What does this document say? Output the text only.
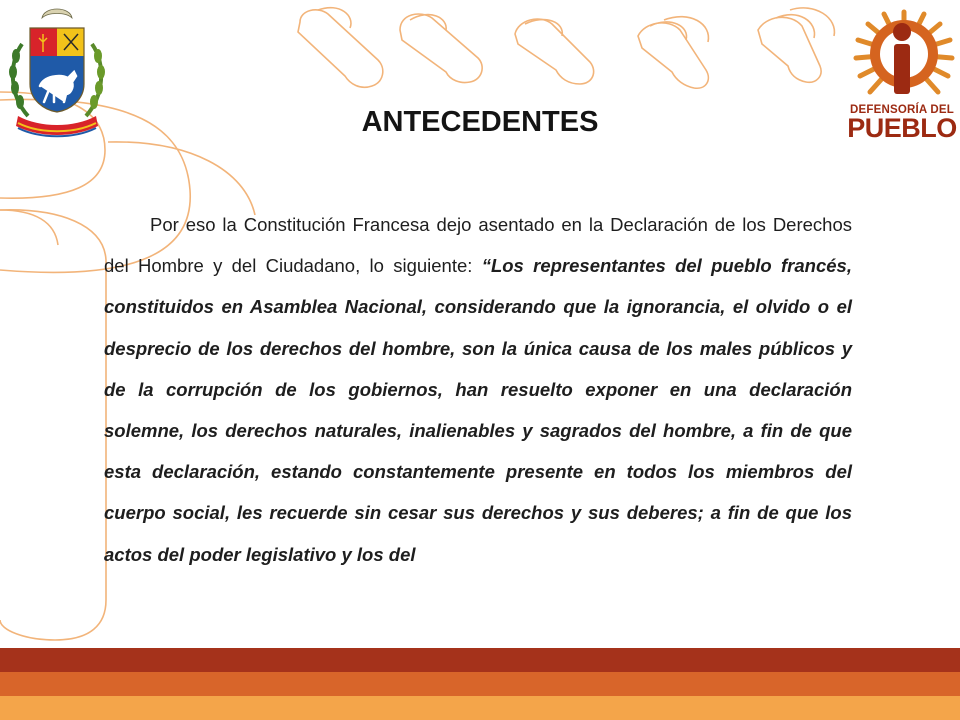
DEFENSORÍA DEL
PUEBLO
ANTECEDENTES
Por eso la Constitución Francesa dejo asentado en la Declaración de los Derechos del Hombre y del Ciudadano, lo siguiente: “Los representantes del pueblo francés, constituidos en Asamblea Nacional, considerando que la ignorancia, el olvido o el desprecio de los derechos del hombre, son la única causa de los males públicos y de la corrupción de los gobiernos, han resuelto exponer en una declaración solemne, los derechos naturales, inalienables y sagrados del hombre, a fin de que esta declaración, estando constantemente presente en todos los miembros del cuerpo social, les recuerde sin cesar sus derechos y sus deberes; a fin de que los actos del poder legislativo y los del
